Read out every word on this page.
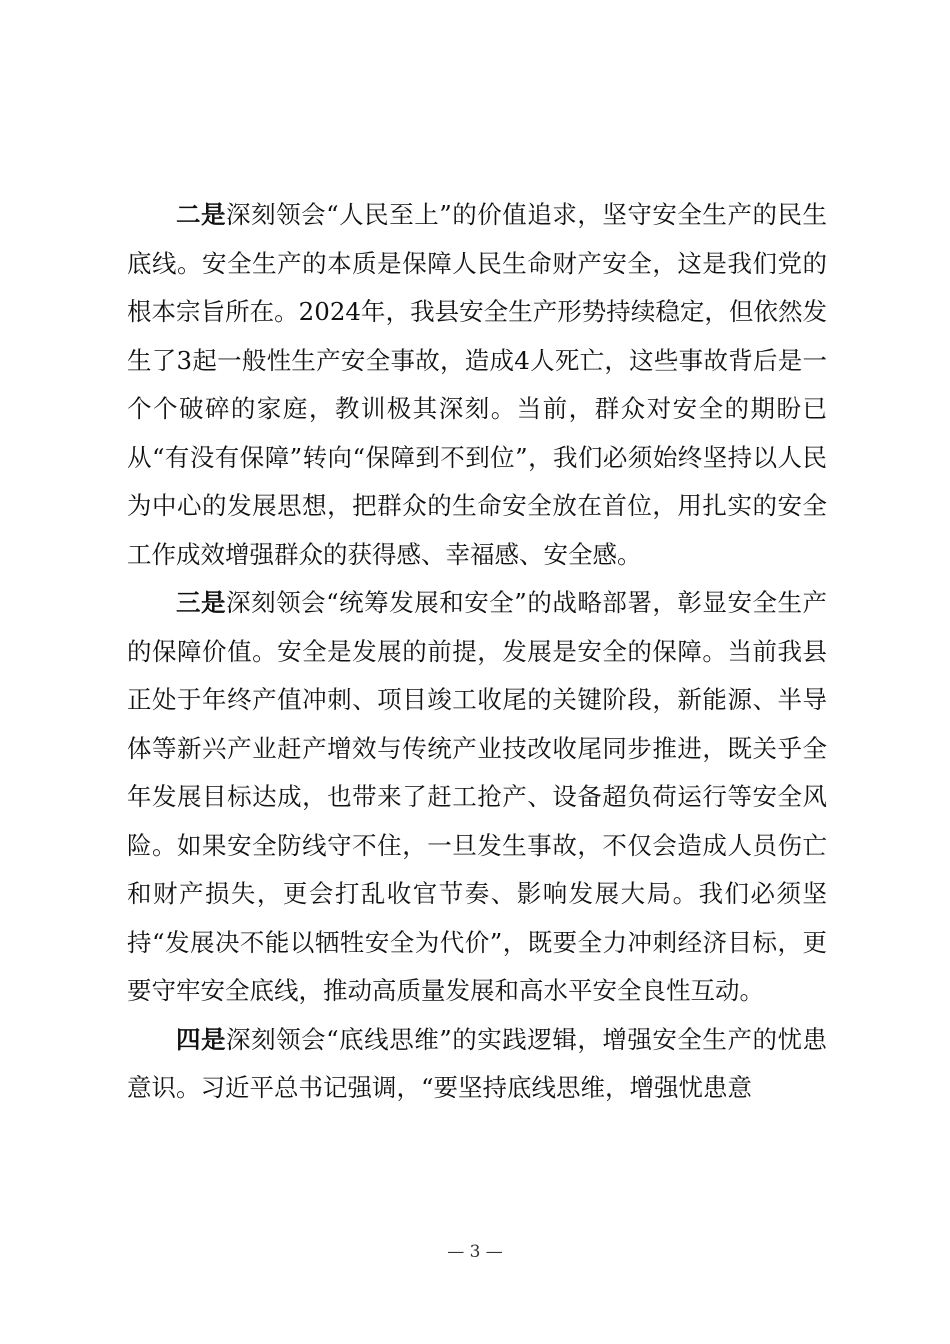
二是深刻领会“人民至上”的价值追求，坚守安全生产的民生底线。安全生产的本质是保障人民生命财产安全，这是我们党的根本宗旨所在。2024年，我县安全生产形势持续稳定，但依然发生了3起一般性生产安全事故，造成4人死亡，这些事故背后是一个个破碎的家庭，教训极其深刻。当前，群众对安全的期盼已从“有没有保障”转向“保障到不到位”，我们必须始终坚持以人民为中心的发展思想，把群众的生命安全放在首位，用扎实的安全工作成效增强群众的获得感、幸福感、安全感。

三是深刻领会“统筹发展和安全”的战略部署，彰显安全生产的保障价值。安全是发展的前提，发展是安全的保障。当前我县正处于年终产值冲刺、项目竣工收尾的关键阶段，新能源、半导体等新兴产业赶产增效与传统产业技改收尾同步推进，既关乎全年发展目标达成，也带来了赶工抢产、设备超负荷运行等安全风险。如果安全防线守不住，一旦发生事故，不仅会造成人员伤亡和财产损失，更会打乱收官节奏、影响发展大局。我们必须坚持“发展决不能以牺牲安全为代价”，既要全力冲刺经济目标，更要守牢安全底线，推动高质量发展和高水平安全良性互动。

四是深刻领会“底线思维”的实践逻辑，增强安全生产的忧患意识。习近平总书记强调，“要坚持底线思维，增强忧患意

— 3 —
